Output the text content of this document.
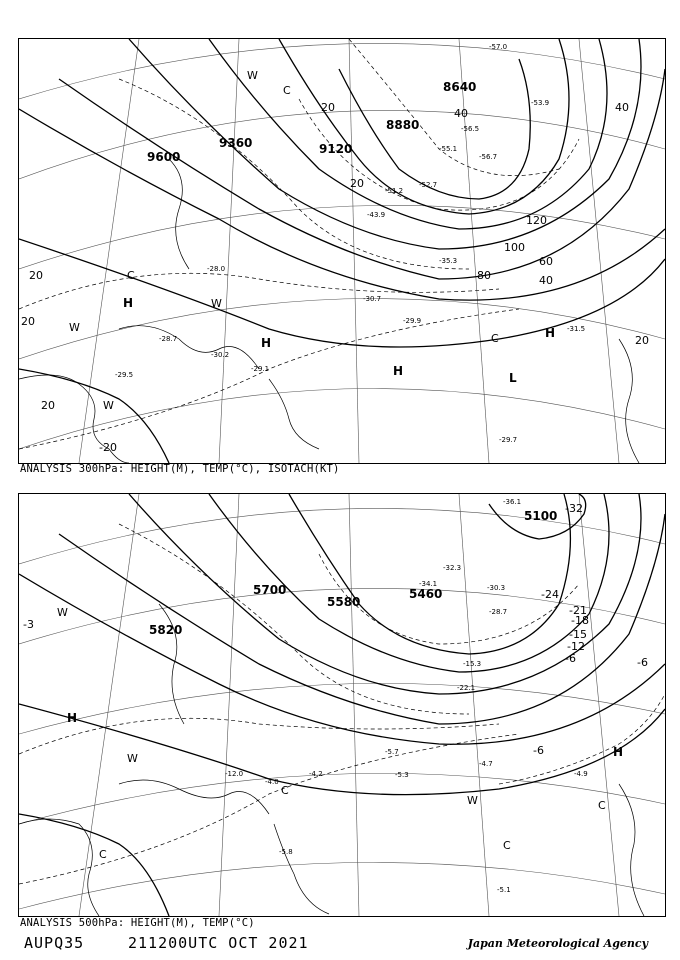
9360	9120
9600
8880
8640
20
40
60
80
100
120
20	40
20
20
40
20
20
-20
H
H
H	L
H
C
C
C
W
W
W
W
-29.1
-28.0
-30.2
-29.5
-28.7
-30.7
-29.9
-31.5
-29.7
-35.3
-52.7
-56.7
-55.1
-56.5
-57.0
-53.9
-51.2
-43.9
ANALYSIS 300hPa: HEIGHT(M), TEMP(°C), ISOTACH(KT)
5100
5460
5580
5700
5820
-24
-18
-15
-12
-6	-6
-6
-3
-21
-32
H
H
W
W
W
C
C
C
C
-4.9
-5.1
-5.3
-4.7
-5.7
-4.2
-4.0
-5.8
-28.7
-30.3
-32.3
-34.1
-36.1
-22.1
-15.3
-12.0
ANALYSIS 500hPa: HEIGHT(M), TEMP(°C)
AUPQ35	211200UTC OCT 2021	Japan Meteorological Agency
